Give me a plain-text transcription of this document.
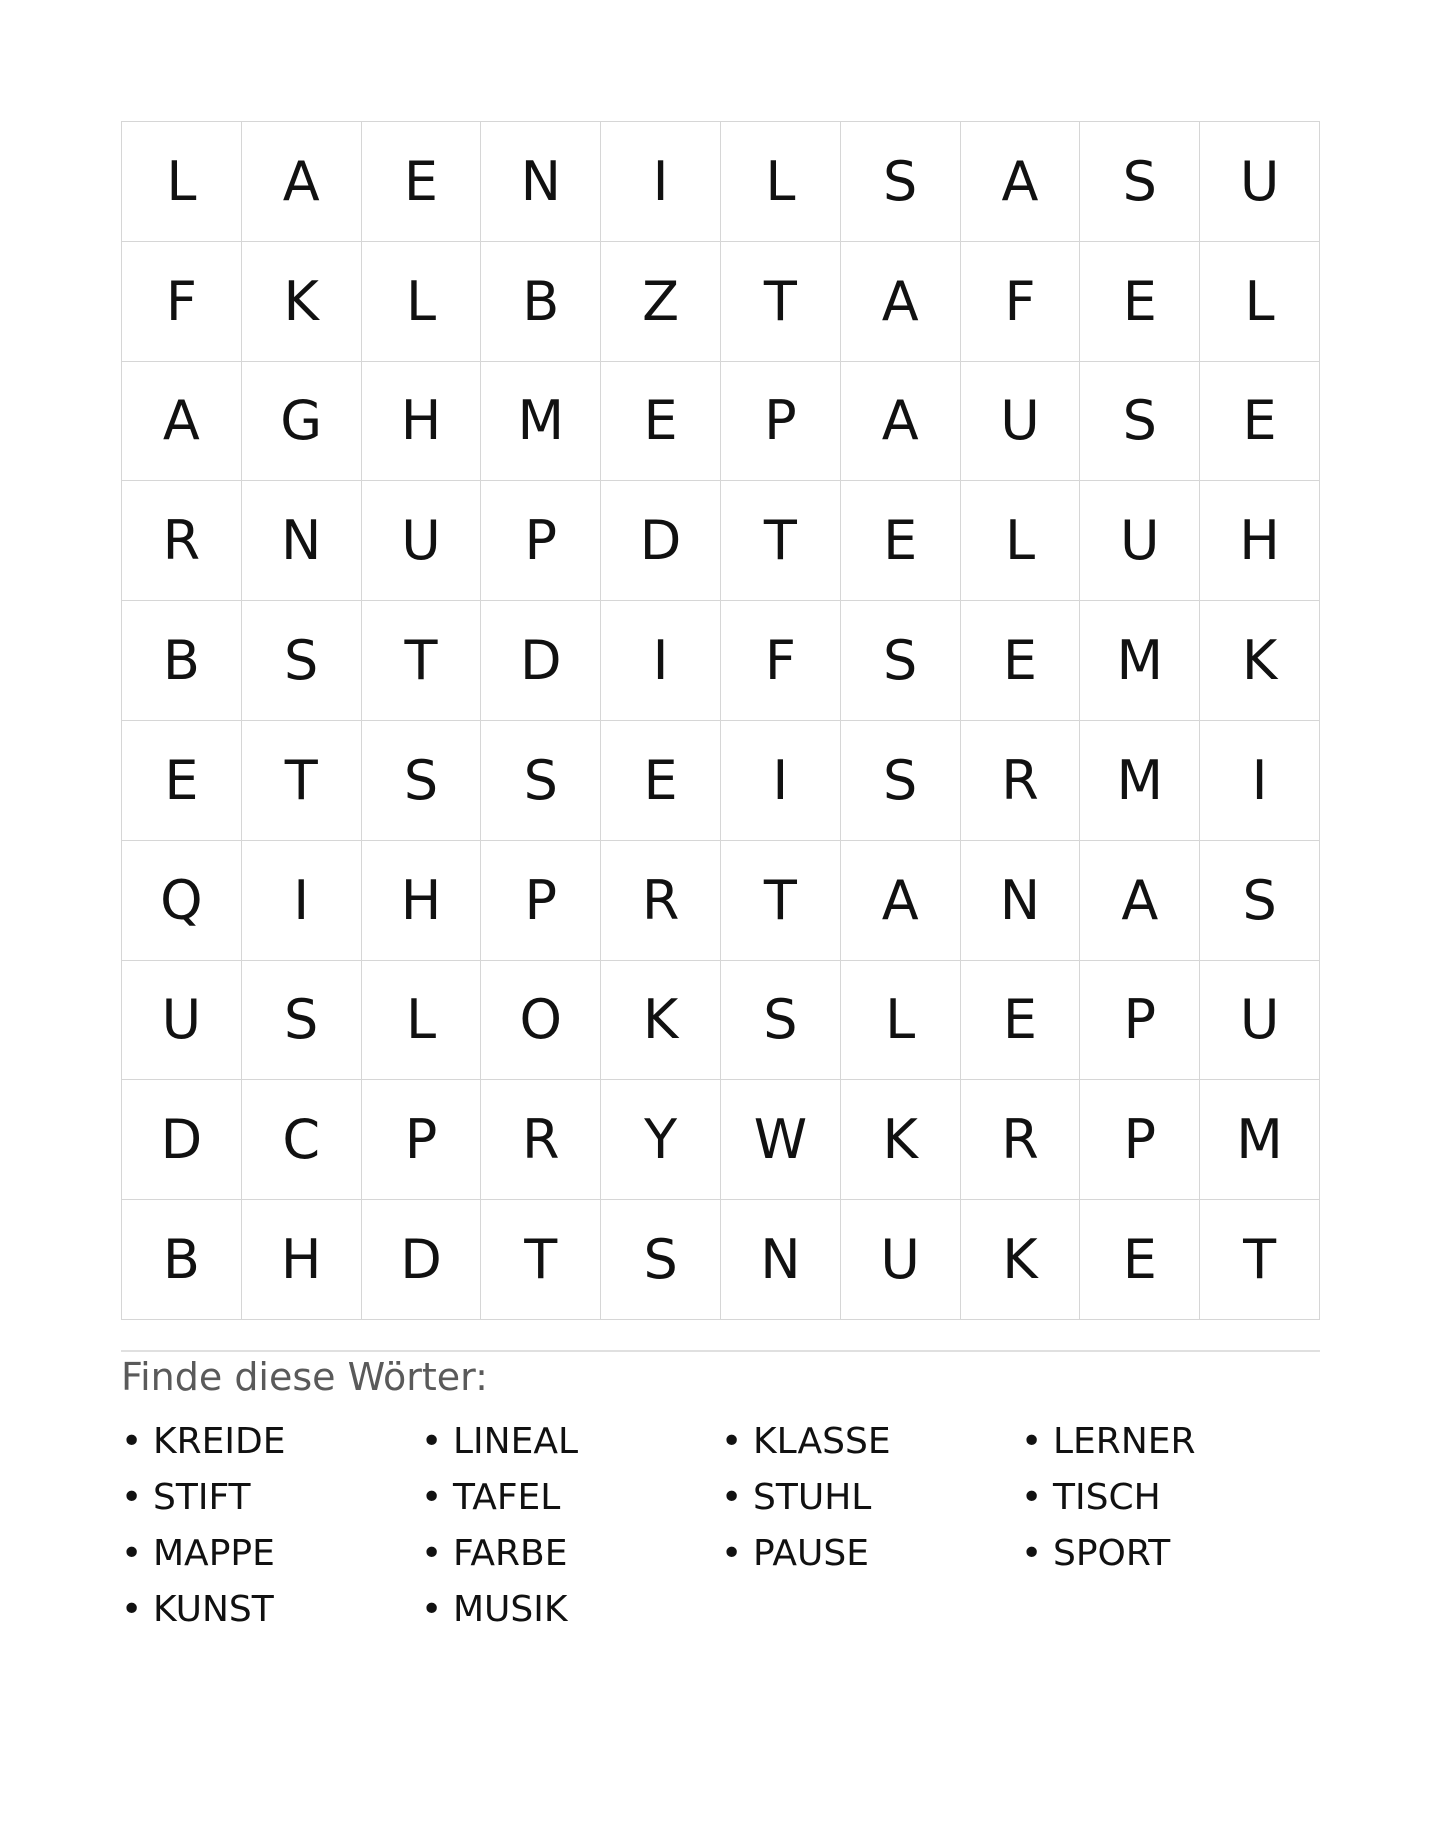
L	A	E	N	I	L	S	A	S	U
F	K	L	B	Z	T	A	F	E	L
A	G	H	M	E	P	A	U	S	E
R	N	U	P	D	T	E	L	U	H
B	S	T	D	I	F	S	E	M	K
E	T	S	S	E	I	S	R	M	I
Q	I	H	P	R	T	A	N	A	S
U	S	L	O	K	S	L	E	P	U
D	C	P	R	Y	W	K	R	P	M
B	H	D	T	S	N	U	K	E	T
Finde diese Wörter:
• KREIDE	• LINEAL	• KLASSE	• LERNER
• STIFT	• TAFEL	• STUHL	• TISCH
• MAPPE	• FARBE	• PAUSE	• SPORT
• KUNST	• MUSIK
